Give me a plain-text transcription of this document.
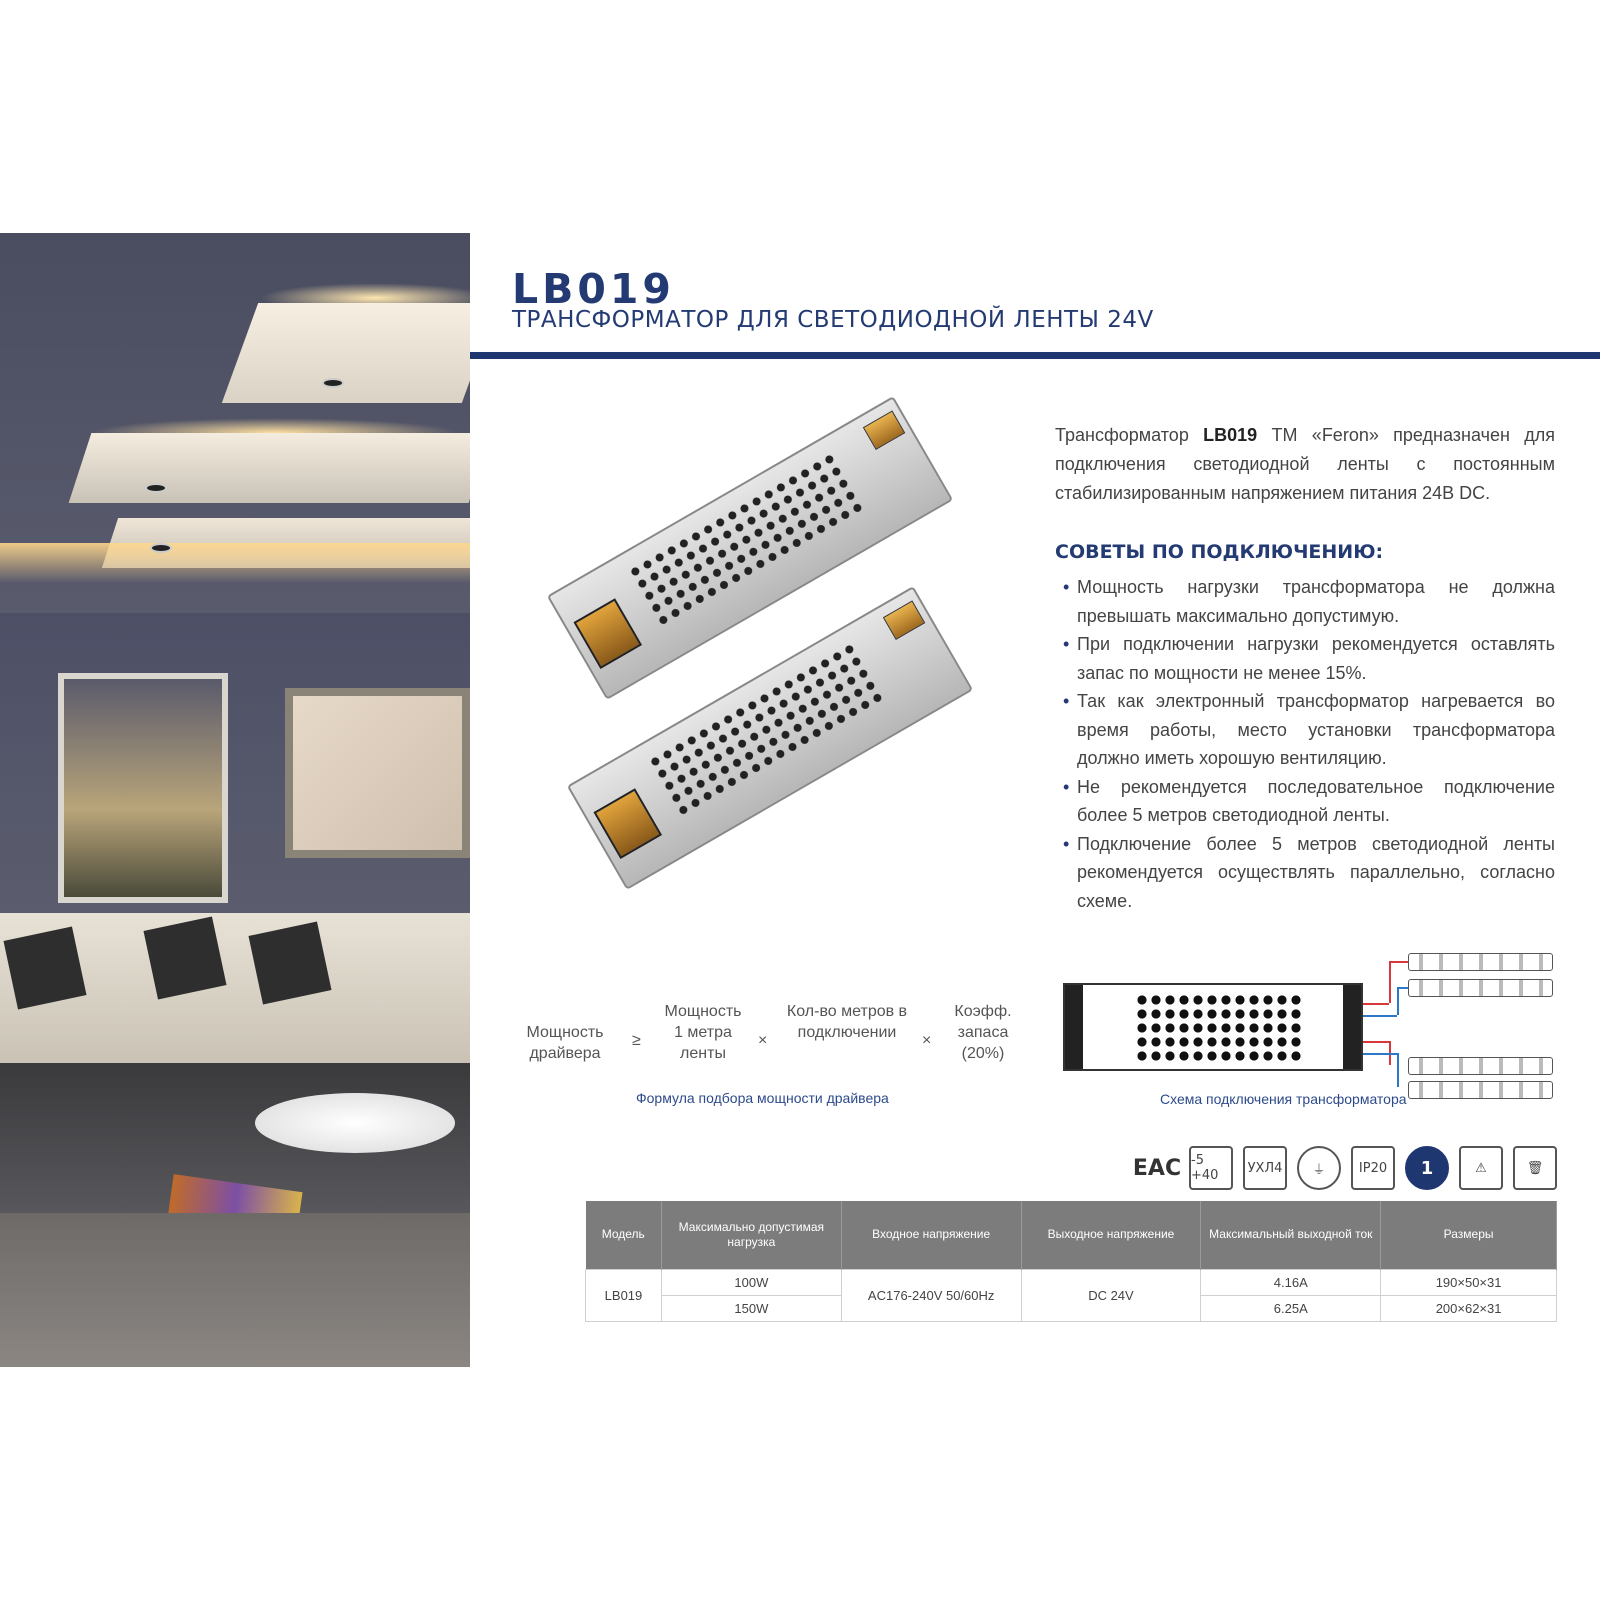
LB019
ТРАНСФОРМАТОР ДЛЯ СВЕТОДИОДНОЙ ЛЕНТЫ 24V

Трансформатор LB019 ТМ «Feron» предназначен для подключения светодиодной ленты с постоянным стабилизированным напряжением питания 24В DC.

СОВЕТЫ ПО ПОДКЛЮЧЕНИЮ:
• Мощность нагрузки трансформатора не должна превышать максимально допустимую.
• При подключении нагрузки рекомендуется оставлять запас по мощности не менее 15%.
• Так как электронный трансформатор нагревается во время работы, место установки трансформатора должно иметь хорошую вентиляцию.
• Не рекомендуется последовательное подключение более 5 метров светодиодной ленты.
• Подключение более 5 метров светодиодной ленты рекомендуется осуществлять параллельно, согласно схеме.
Мощность драйвера
≥
Мощность 1 метра ленты
×
Кол-во метров в подключении	×
Коэфф. запаса (20%)
Формула подбора мощности драйвера	Схема подключения трансформатора
EAC -5 +40	УХЛ4	⏚	IP20	1	⚠	🗑
Модель	Максимально допустимая нагрузка	Входное напряжение	Выходное напряжение	Максимальный выходной ток	Размеры
LB019	100W	AC176-240V 50/60Hz	DC 24V	4.16A	190×50×31
	150W			6.25A	200×62×31
